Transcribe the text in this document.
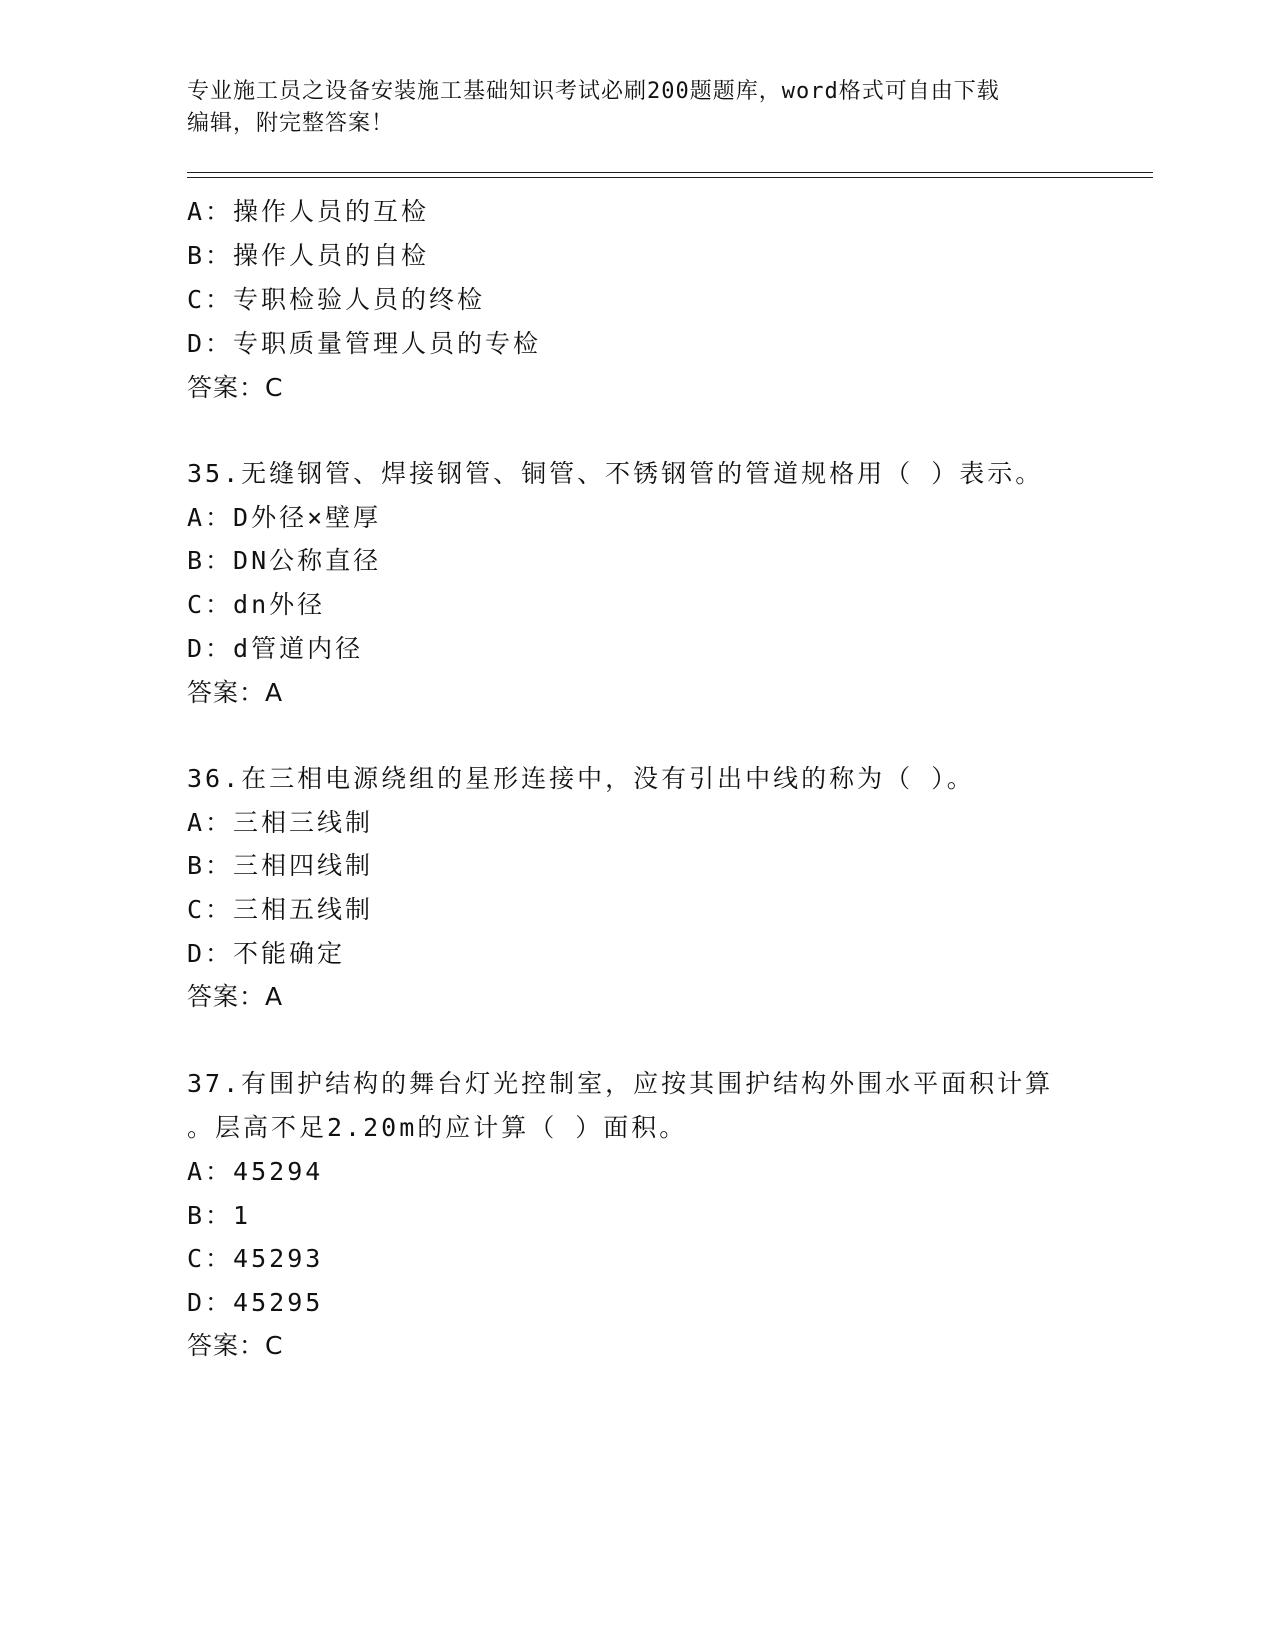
专业施工员之设备安装施工基础知识考试必刷200题题库，word格式可自由下载
编辑，附完整答案！
A：操作人员的互检
B：操作人员的自检
C：专职检验人员的终检
D：专职质量管理人员的专检
答案：C
35.无缝钢管、焊接钢管、铜管、不锈钢管的管道规格用（ ）表示。
A：D外径×壁厚
B：DN公称直径
C：dn外径
D：d管道内径
答案：A
36.在三相电源绕组的星形连接中，没有引出中线的称为（ ）。
A：三相三线制
B：三相四线制
C：三相五线制
D：不能确定
答案：A
37.有围护结构的舞台灯光控制室，应按其围护结构外围水平面积计算
。层高不足2.20m的应计算（ ）面积。
A：45294
B：1
C：45293
D：45295
答案：C
